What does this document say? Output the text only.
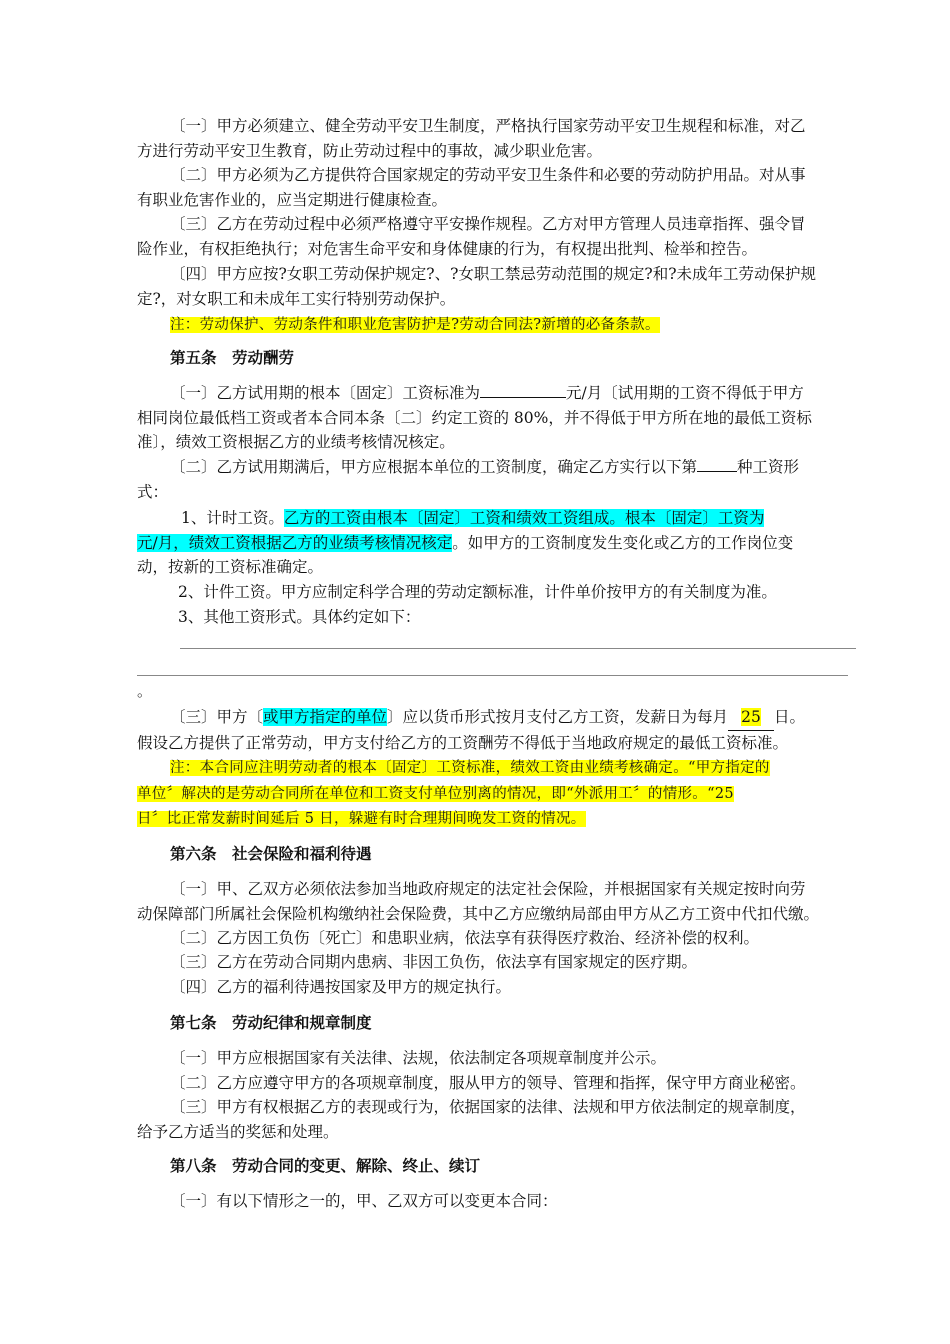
〔一〕甲方必须建立、健全劳动平安卫生制度，严格执行国家劳动平安卫生规程和标准，对乙
方进行劳动平安卫生教育，防止劳动过程中的事故，减少职业危害。
〔二〕甲方必须为乙方提供符合国家规定的劳动平安卫生条件和必要的劳动防护用品。对从事
有职业危害作业的，应当定期进行健康检查。
〔三〕乙方在劳动过程中必须严格遵守平安操作规程。乙方对甲方管理人员违章指挥、强令冒
险作业，有权拒绝执行；对危害生命平安和身体健康的行为，有权提出批判、检举和控告。
〔四〕甲方应按?女职工劳动保护规定?、?女职工禁忌劳动范围的规定?和?未成年工劳动保护规
定?，对女职工和未成年工实行特别劳动保护。
注：劳动保护、劳动条件和职业危害防护是?劳动合同法?新增的必备条款。
第五条　劳动酬劳
〔一〕乙方试用期的根本〔固定〕工资标准为	元/月〔试用期的工资不得低于甲方
相同岗位最低档工资或者本合同本条〔二〕约定工资的 80%，并不得低于甲方所在地的最低工资标
准〕，绩效工资根据乙方的业绩考核情况核定。
〔二〕乙方试用期满后，甲方应根据本单位的工资制度，确定乙方实行以下第	种工资形
式：
1、计时工资。乙方的工资由根本〔固定〕工资和绩效工资组成。根本〔固定〕工资为
元/月，绩效工资根据乙方的业绩考核情况核定。如甲方的工资制度发生变化或乙方的工作岗位变
动，按新的工资标准确定。
2、计件工资。甲方应制定科学合理的劳动定额标准，计件单价按甲方的有关制度为准。
3、其他工资形式。具体约定如下：
。
〔三〕甲方〔或甲方指定的单位〕应以货币形式按月支付乙方工资，发薪日为每月 25 日。
假设乙方提供了正常劳动，甲方支付给乙方的工资酬劳不得低于当地政府规定的最低工资标准。
注：本合同应注明劳动者的根本〔固定〕工资标准，绩效工资由业绩考核确定。“甲方指定的
单位〞解决的是劳动合同所在单位和工资支付单位别离的情况，即“外派用工〞的情形。“25
日〞比正常发薪时间延后 5 日，躲避有时合理期间晚发工资的情况。
第六条　社会保险和福利待遇
〔一〕甲、乙双方必须依法参加当地政府规定的法定社会保险，并根据国家有关规定按时向劳
动保障部门所属社会保险机构缴纳社会保险费，其中乙方应缴纳局部由甲方从乙方工资中代扣代缴。
〔二〕乙方因工负伤〔死亡〕和患职业病，依法享有获得医疗救治、经济补偿的权利。
〔三〕乙方在劳动合同期内患病、非因工负伤，依法享有国家规定的医疗期。
〔四〕乙方的福利待遇按国家及甲方的规定执行。
第七条　劳动纪律和规章制度
〔一〕甲方应根据国家有关法律、法规，依法制定各项规章制度并公示。
〔二〕乙方应遵守甲方的各项规章制度，服从甲方的领导、管理和指挥，保守甲方商业秘密。
〔三〕甲方有权根据乙方的表现或行为，依据国家的法律、法规和甲方依法制定的规章制度，
给予乙方适当的奖惩和处理。
第八条　劳动合同的变更、解除、终止、续订
〔一〕有以下情形之一的，甲、乙双方可以变更本合同：
